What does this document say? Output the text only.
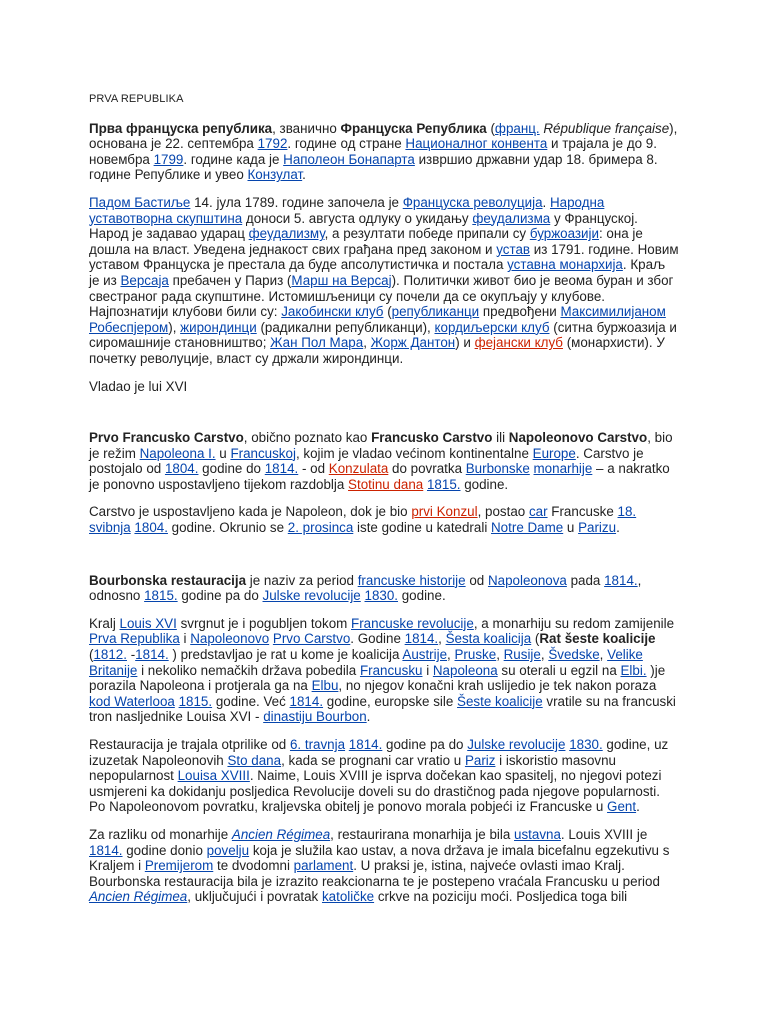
PRVA REPUBLIKA

Прва француска република, званично Француска Република (франц. République française), основана је 22. септембра 1792. године од стране Националног конвента и трајала је до 9. новембра 1799. године када је Наполеон Бонапарта извршио државни удар 18. бримера 8. године Републике и увео Конзулат.

Падом Бастиље 14. јула 1789. године започела је Француска револуција. Народна уставотворна скупштина доноси 5. августа одлуку о укидању феудализма у Француској. Народ је задавао ударац феудализму, а резултати победе припали су буржоазији: она је дошла на власт. Уведена једнакост свих грађана пред законом и устав из 1791. године. Новим уставом Француска је престала да буде апсолутистичка и постала уставна монархија. Краљ је из Версаја пребачен у Париз (Марш на Версај). Политички живот био је веома буран и због свестраног рада скупштине. Истомишљеници су почели да се окупљају у клубове. Најпознатији клубови били су: Јакобински клуб (републиканци предвођени Максимилијаном Робеспјером), жирондинци (радикални републиканци), кордиљерски клуб (ситна буржоазија и сиромашније становништво; Жан Пол Мара, Жорж Дантон) и фејански клуб (монархисти). У почетку револуције, власт су држали жирондинци.

Vladao je lui XVI

Prvo Francusko Carstvo, obično poznato kao Francusko Carstvo ili Napoleonovo Carstvo, bio je režim Napoleona I. u Francuskoj, kojim je vladao većinom kontinentalne Europe. Carstvo je postojalo od 1804. godine do 1814. - od Konzulata do povratka Burbonske monarhije – a nakratko je ponovno uspostavljeno tijekom razdoblja Stotinu dana 1815. godine.

Carstvo je uspostavljeno kada je Napoleon, dok je bio prvi Konzul, postao car Francuske 18. svibnja 1804. godine. Okrunio se 2. prosinca iste godine u katedrali Notre Dame u Parizu.

Bourbonska restauracija je naziv za period francuske historije od Napoleonova pada 1814., odnosno 1815. godine pa do Julske revolucije 1830. godine.

Kralj Louis XVI svrgnut je i pogubljen tokom Francuske revolucije, a monarhiju su redom zamijenile Prva Republika i Napoleonovo Prvo Carstvo. Godine 1814., Šesta koalicija (Rat šeste koalicije (1812. -1814. ) predstavljao je rat u kome je koalicija Austrije, Pruske, Rusije, Švedske, Velike Britanije i nekoliko nemačkih država pobedila Francusku i Napoleona su oterali u egzil na Elbi. )je porazila Napoleona i protjerala ga na Elbu, no njegov konačni krah uslijedio je tek nakon poraza kod Waterlooa 1815. godine. Već 1814. godine, europske sile Šeste koalicije vratile su na francuski tron nasljednike Louisa XVI - dinastiju Bourbon.

Restauracija je trajala otprilike od 6. travnja 1814. godine pa do Julske revolucije 1830. godine, uz izuzetak Napoleonovih Sto dana, kada se prognani car vratio u Pariz i iskoristio masovnu nepopularnost Louisa XVIII. Naime, Louis XVIII je isprva dočekan kao spasitelj, no njegovi potezi usmjereni ka dokidanju posljedica Revolucije doveli su do drastičnog pada njegove popularnosti. Po Napoleonovom povratku, kraljevska obitelj je ponovo morala pobjeći iz Francuske u Gent.

Za razliku od monarhije Ancien Régimea, restaurirana monarhija je bila ustavna. Louis XVIII je 1814. godine donio povelju koja je služila kao ustav, a nova država je imala bicefalnu egzekutivu s Kraljem i Premijerom te dvodomni parlament. U praksi je, istina, najveće ovlasti imao Kralj. Bourbonska restauracija bila je izrazito reakcionarna te je postepeno vraćala Francusku u period Ancien Régimea, uključujući i povratak katoličke crkve na poziciju moći. Posljedica toga bili
